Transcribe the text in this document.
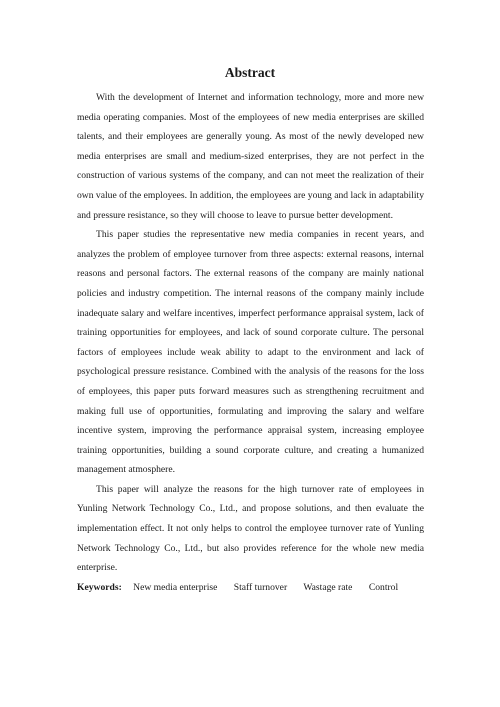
Abstract

With the development of Internet and information technology, more and more new media operating companies. Most of the employees of new media enterprises are skilled talents, and their employees are generally young. As most of the newly developed new media enterprises are small and medium-sized enterprises, they are not perfect in the construction of various systems of the company, and can not meet the realization of their own value of the employees. In addition, the employees are young and lack in adaptability and pressure resistance, so they will choose to leave to pursue better development.

This paper studies the representative new media companies in recent years, and analyzes the problem of employee turnover from three aspects: external reasons, internal reasons and personal factors. The external reasons of the company are mainly national policies and industry competition. The internal reasons of the company mainly include inadequate salary and welfare incentives, imperfect performance appraisal system, lack of training opportunities for employees, and lack of sound corporate culture. The personal factors of employees include weak ability to adapt to the environment and lack of psychological pressure resistance. Combined with the analysis of the reasons for the loss of employees, this paper puts forward measures such as strengthening recruitment and making full use of opportunities, formulating and improving the salary and welfare incentive system, improving the performance appraisal system, increasing employee training opportunities, building a sound corporate culture, and creating a humanized management atmosphere.

This paper will analyze the reasons for the high turnover rate of employees in Yunling Network Technology Co., Ltd., and propose solutions, and then evaluate the implementation effect. It not only helps to control the employee turnover rate of Yunling Network Technology Co., Ltd., but also provides reference for the whole new media enterprise.

Keywords: New media enterprise Staff turnover Wastage rate Control
